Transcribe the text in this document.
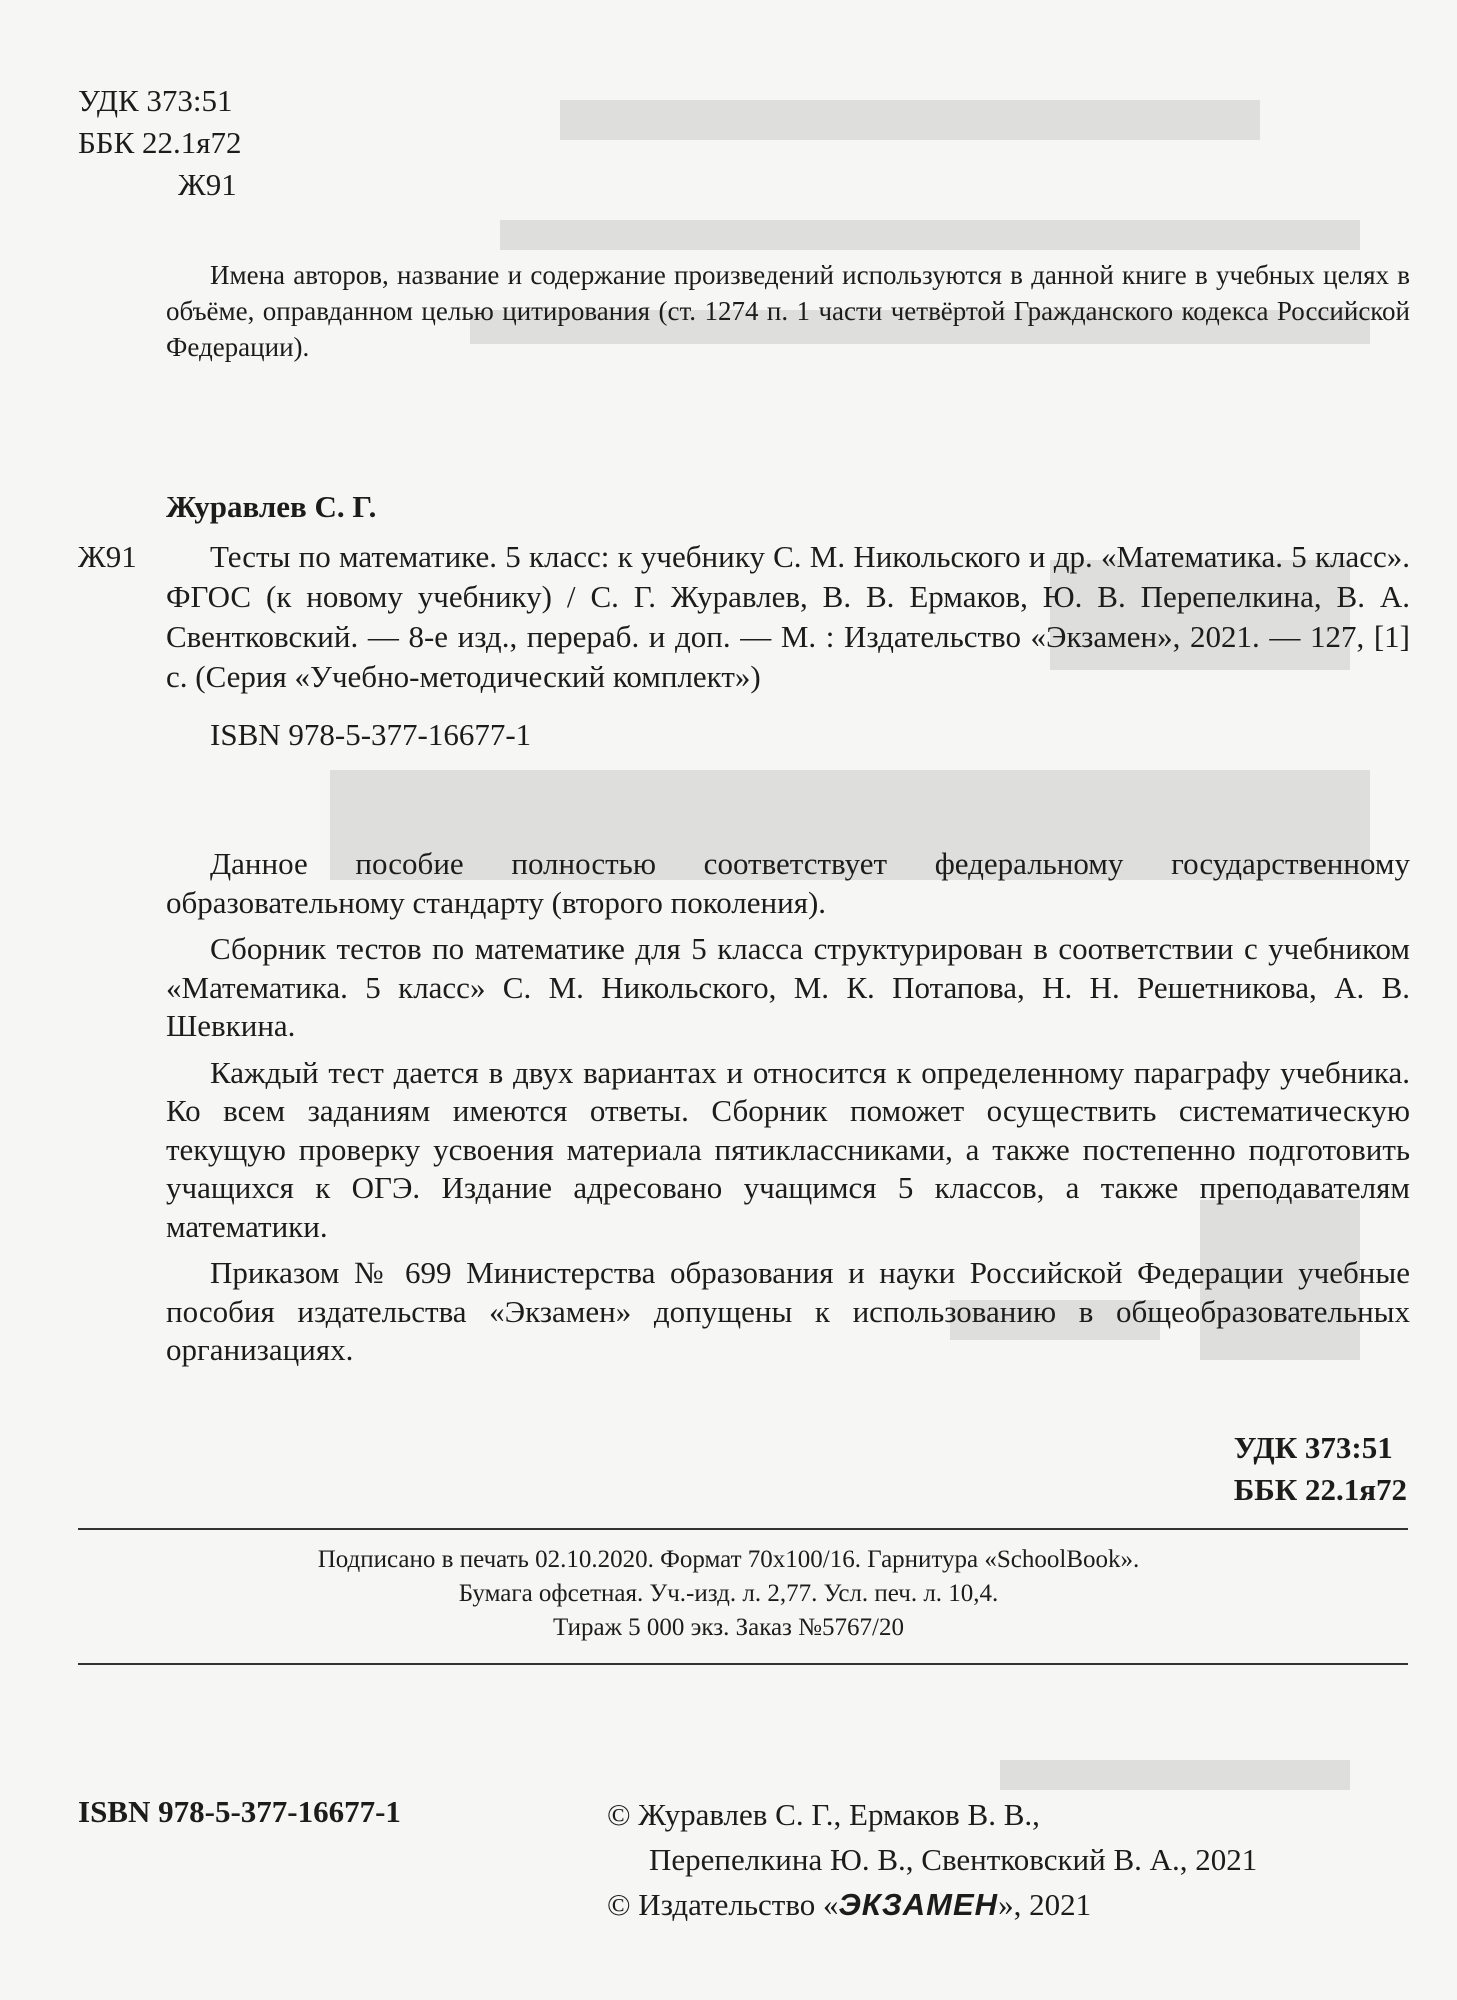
УДК 373:51
ББК 22.1я72
Ж91
Имена авторов, название и содержание произведений используются в данной книге в учебных целях в объёме, оправданном целью цитирования (ст. 1274 п. 1 части четвёртой Гражданского кодекса Российской Федерации).
Журавлев С. Г.
Ж91	Тесты по математике. 5 класс: к учебнику С. М. Никольского и др. «Математика. 5 класс». ФГОС (к новому учебнику) / С. Г. Журавлев, В. В. Ермаков, Ю. В. Перепелкина, В. А. Свентковский. — 8-е изд., перераб. и доп. — М. : Издательство «Экзамен», 2021. — 127, [1] с. (Серия «Учебно-методический комплект»)
ISBN 978-5-377-16677-1

Данное пособие полностью соответствует федеральному государственному образовательному стандарту (второго поколения).

Сборник тестов по математике для 5 класса структурирован в соответствии с учебником «Математика. 5 класс» С. М. Никольского, М. К. Потапова, Н. Н. Решетникова, А. В. Шевкина.

Каждый тест дается в двух вариантах и относится к определенному параграфу учебника. Ко всем заданиям имеются ответы. Сборник поможет осуществить систематическую текущую проверку усвоения материала пятиклассниками, а также постепенно подготовить учащихся к ОГЭ. Издание адресовано учащимся 5 классов, а также преподавателям математики.

Приказом № 699 Министерства образования и науки Российской Федерации учебные пособия издательства «Экзамен» допущены к использованию в общеобразовательных организациях.

УДК 373:51
ББК 22.1я72
Подписано в печать 02.10.2020. Формат 70x100/16. Гарнитура «SchoolBook».
Бумага офсетная. Уч.-изд. л. 2,77. Усл. печ. л. 10,4.
Тираж 5 000 экз. Заказ №5767/20
ISBN 978-5-377-16677-1	© Журавлев С. Г., Ермаков В. В.,
Перепелкина Ю. В., Свентковский В. А., 2021
© Издательство «ЭКЗАМЕН», 2021
